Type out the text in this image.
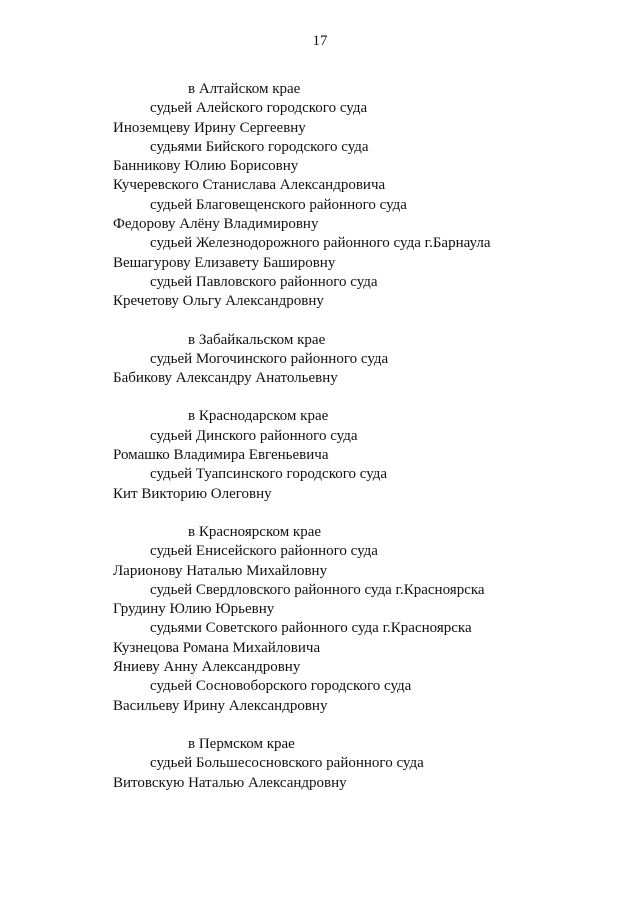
17
в Алтайском крае
судьей Алейского городского суда
Иноземцеву Ирину Сергеевну
судьями Бийского городского суда
Банникову Юлию Борисовну
Кучеревского Станислава Александровича
судьей Благовещенского районного суда
Федорову Алёну Владимировну
судьей Железнодорожного районного суда г.Барнаула
Вешагурову Елизавету Башировну
судьей Павловского районного суда
Кречетову Ольгу Александровну
в Забайкальском крае
судьей Могочинского районного суда
Бабикову Александру Анатольевну
в Краснодарском крае
судьей Динского районного суда
Ромашко Владимира Евгеньевича
судьей Туапсинского городского суда
Кит Викторию Олеговну
в Красноярском крае
судьей Енисейского районного суда
Ларионову Наталью Михайловну
судьей Свердловского районного суда г.Красноярска
Грудину Юлию Юрьевну
судьями Советского районного суда г.Красноярска
Кузнецова Романа Михайловича
Яниеву Анну Александровну
судьей Сосновоборского городского суда
Васильеву Ирину Александровну
в Пермском крае
судьей Большесосновского районного суда
Витовскую Наталью Александровну
